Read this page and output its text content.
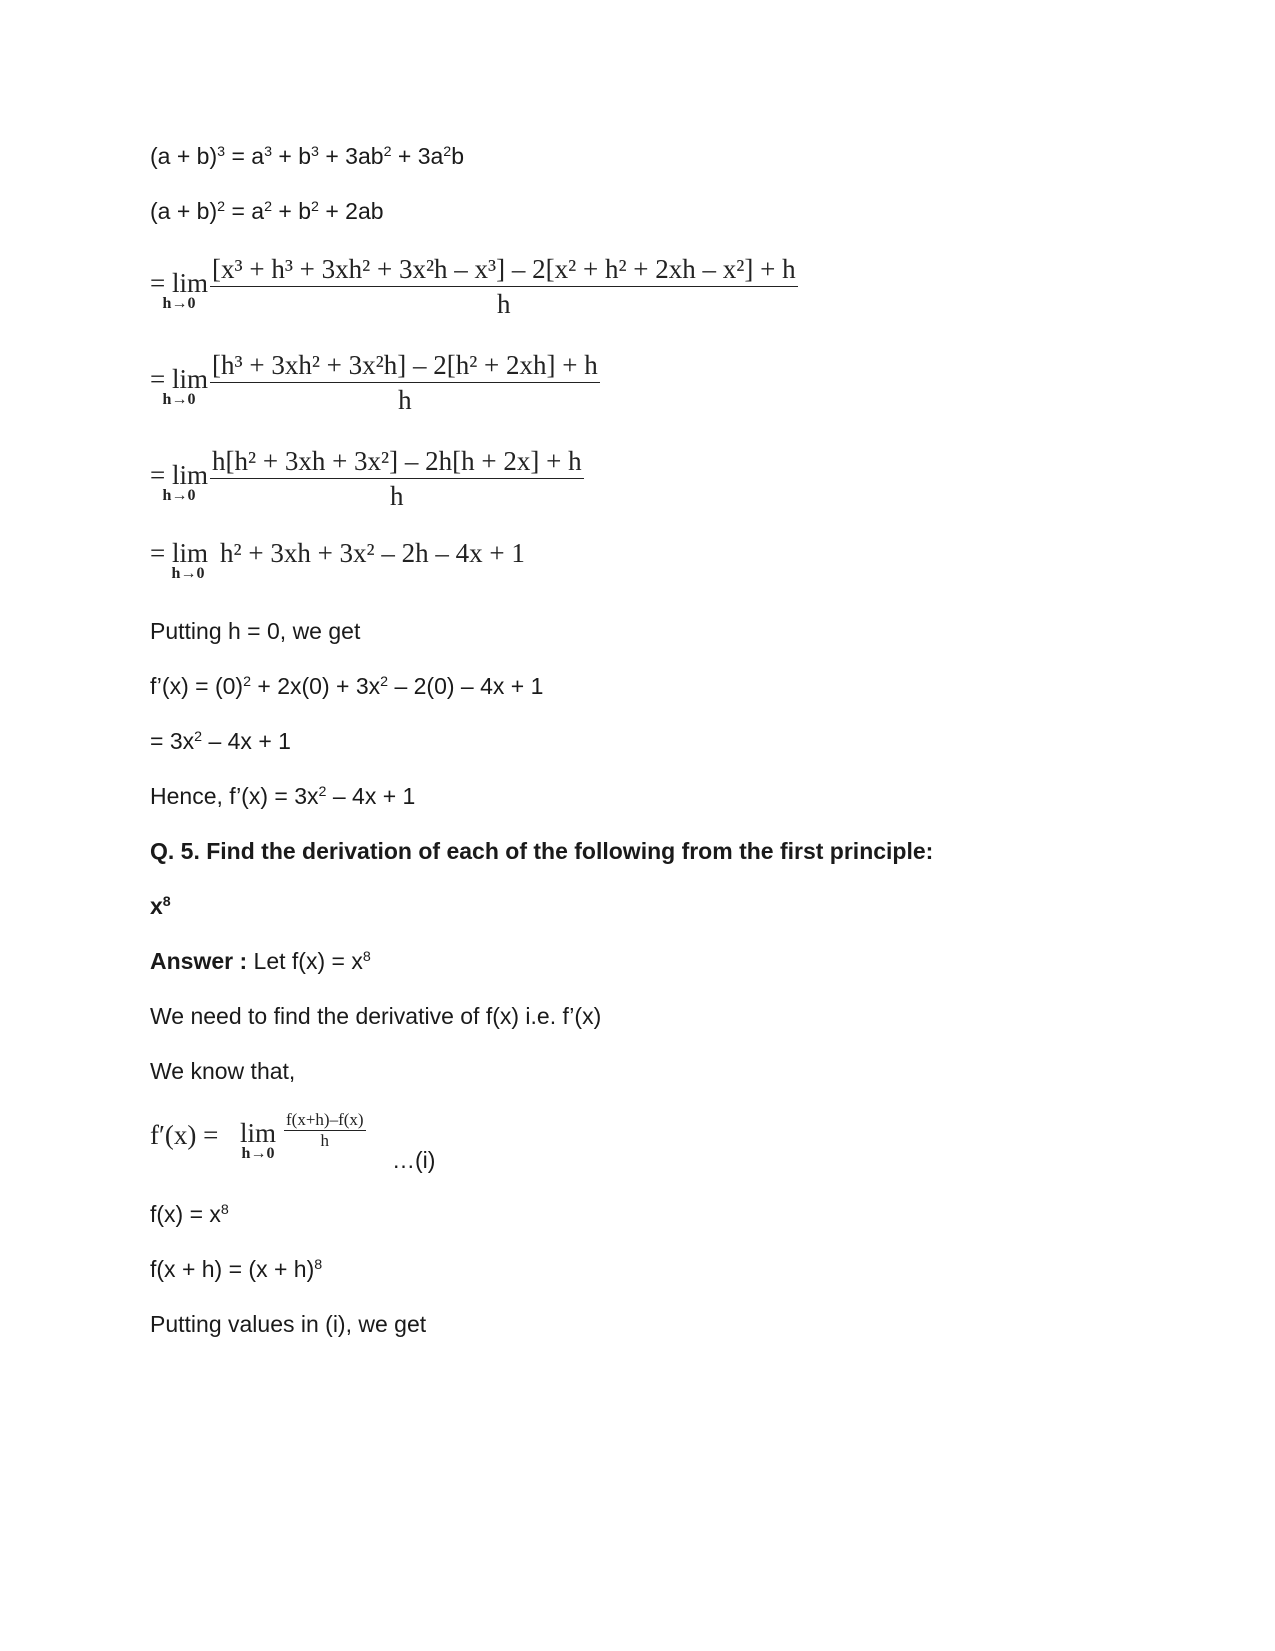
$(a + b)^3 = a^3 + b^3 + 3ab^2 + 3a^2b$
$(a + b)^2 = a^2 + b^2 + 2ab$
= lim
h→0
[x³ + h³ + 3xh² + 3x²h – x³] – 2[x² + h² + 2xh – x²] + h
h
= lim
h→0
[h³ + 3xh² + 3x²h] – 2[h² + 2xh] + h
h
= lim
h→0
h[h² + 3xh + 3x²] – 2h[h + 2x] + h
h
= lim
h→0
h² + 3xh + 3x² – 2h – 4x + 1
Putting h = 0, we get
f’(x) = $(0)^2 + 2x(0) + 3x^2 - 2(0) - 4x + 1$
= $3x^2 - 4x + 1$
Hence, f’(x) = $3x^2 - 4x + 1$
Q. 5. Find the derivation of each of the following from the first principle:
$x^8$
Answer : Let $f(x) = x^8$
We need to find the derivative of f(x) i.e. f’(x)
We know that,
f′(x) = lim
h→0
f(x+h)–f(x)
h
…(i)
$f(x) = x^8$
$f(x + h) = (x + h)^8$
Putting values in (i), we get
